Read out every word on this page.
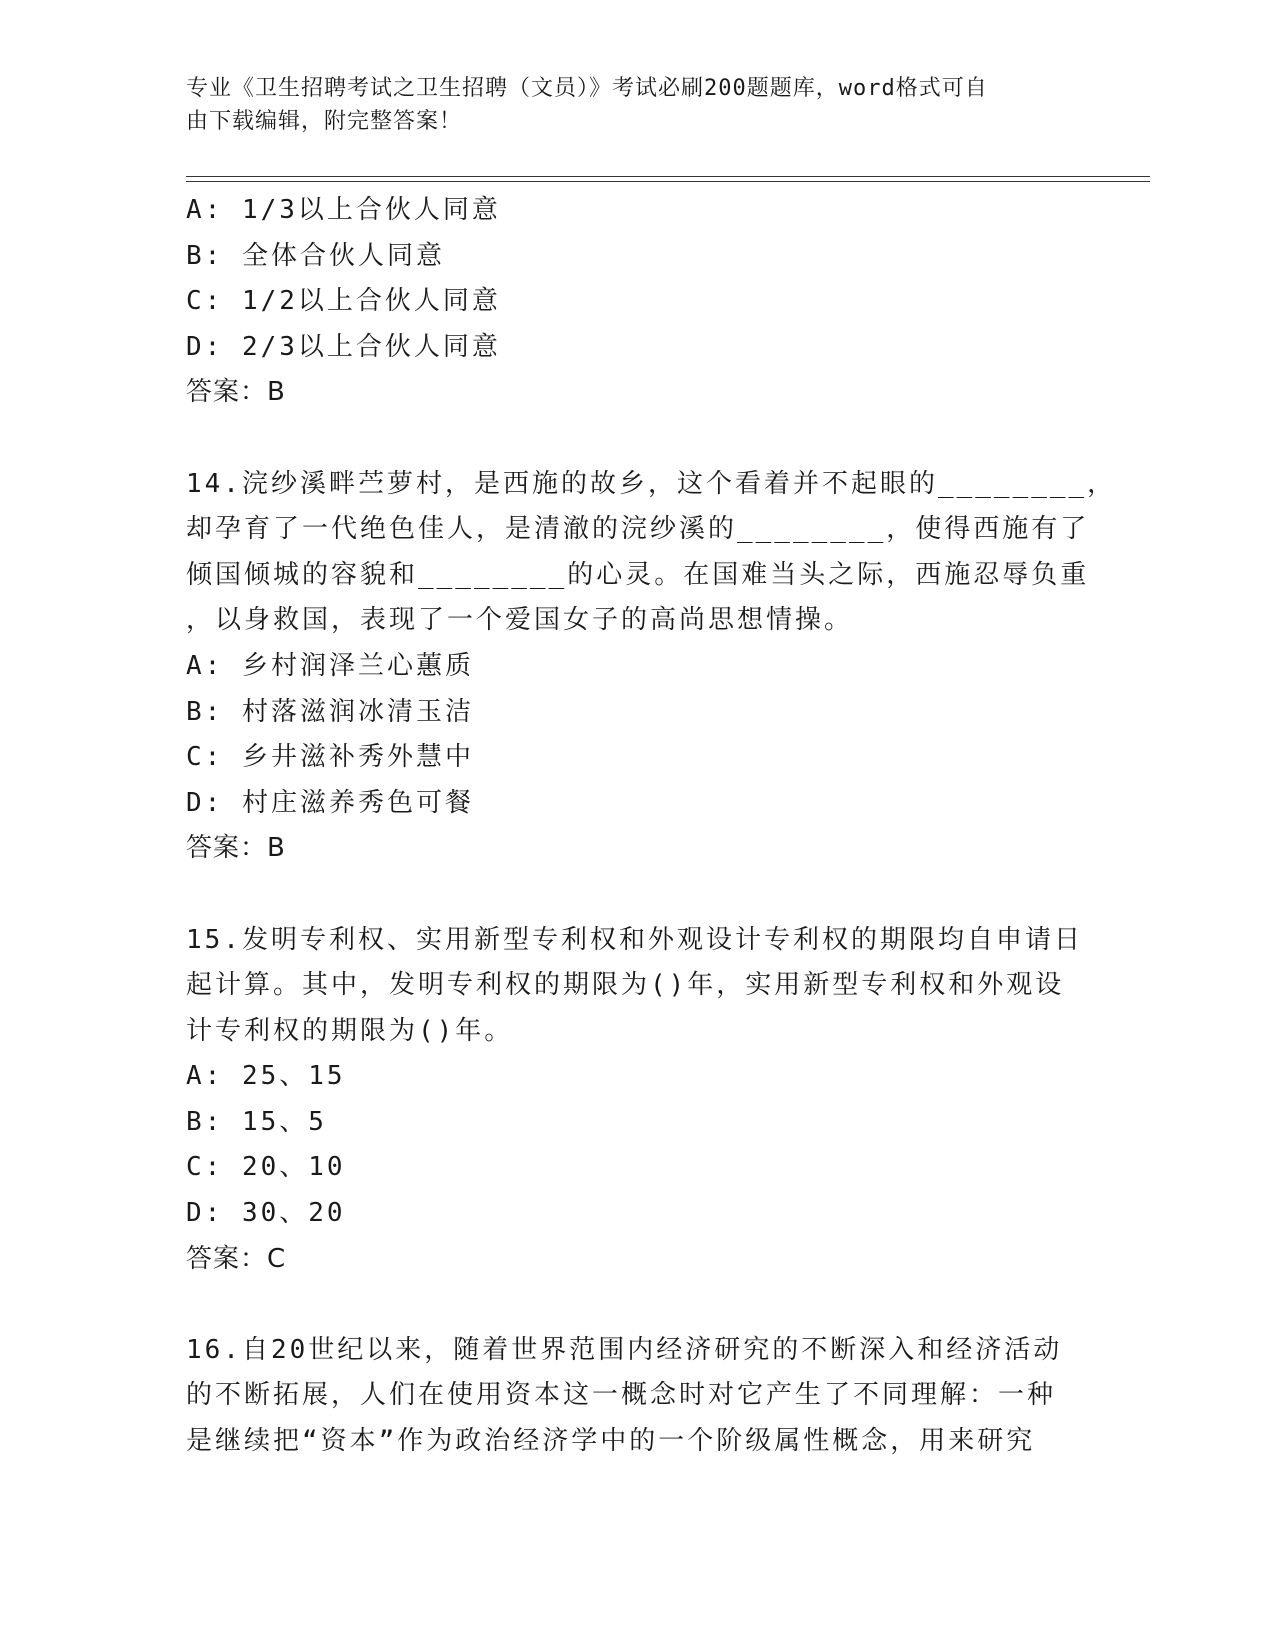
专业《卫生招聘考试之卫生招聘（文员）》考试必刷200题题库，word格式可自
由下载编辑，附完整答案！
A: 1/3以上合伙人同意
B: 全体合伙人同意
C: 1/2以上合伙人同意
D: 2/3以上合伙人同意
答案：B
14.浣纱溪畔苎萝村，是西施的故乡，这个看着并不起眼的________，
却孕育了一代绝色佳人，是清澈的浣纱溪的________，使得西施有了
倾国倾城的容貌和________的心灵。在国难当头之际，西施忍辱负重
，以身救国，表现了一个爱国女子的高尚思想情操。
A: 乡村润泽兰心蕙质
B: 村落滋润冰清玉洁
C: 乡井滋补秀外慧中
D: 村庄滋养秀色可餐
答案：B
15.发明专利权、实用新型专利权和外观设计专利权的期限均自申请日
起计算。其中，发明专利权的期限为()年，实用新型专利权和外观设
计专利权的期限为()年。
A: 25、15
B: 15、5
C: 20、10
D: 30、20
答案：C
16.自20世纪以来，随着世界范围内经济研究的不断深入和经济活动
的不断拓展，人们在使用资本这一概念时对它产生了不同理解：一种
是继续把“资本”作为政治经济学中的一个阶级属性概念，用来研究
